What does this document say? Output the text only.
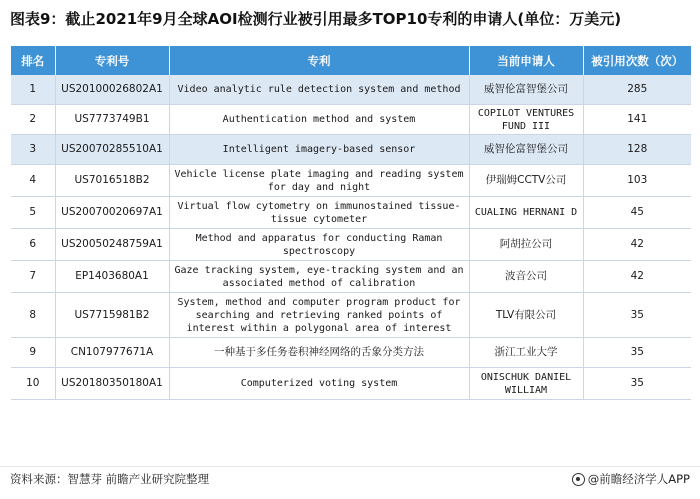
图表9：截止2021年9月全球AOI检测行业被引用最多TOP10专利的申请人(单位：万美元)
排名	专利号	专利	当前申请人	被引用次数（次）
1	US20100026802A1	Video analytic rule detection system and method	威智伦富智堡公司	285
2	US7773749B1	Authentication method and system	COPILOT VENTURES FUND III	141
3	US20070285510A1	Intelligent imagery-based sensor	威智伦富智堡公司	128
4	US7016518B2	Vehicle license plate imaging and reading system for day and night	伊瑞姆CCTV公司	103
5	US20070020697A1	Virtual flow cytometry on immunostained tissue-tissue cytometer	CUALING HERNANI D	45
6	US20050248759A1	Method and apparatus for conducting Raman spectroscopy	阿胡拉公司	42
7	EP1403680A1	Gaze tracking system, eye-tracking system and an associated method of calibration	波音公司	42
8	US7715981B2	System, method and computer program product for searching and retrieving ranked points of interest within a polygonal area of interest	TLV有限公司	35
9	CN107977671A	一种基于多任务卷积神经网络的舌象分类方法	浙江工业大学	35
10	US20180350180A1	Computerized voting system	ONISCHUK DANIEL WILLIAM	35
资料来源：智慧芽 前瞻产业研究院整理	@前瞻经济学人APP
